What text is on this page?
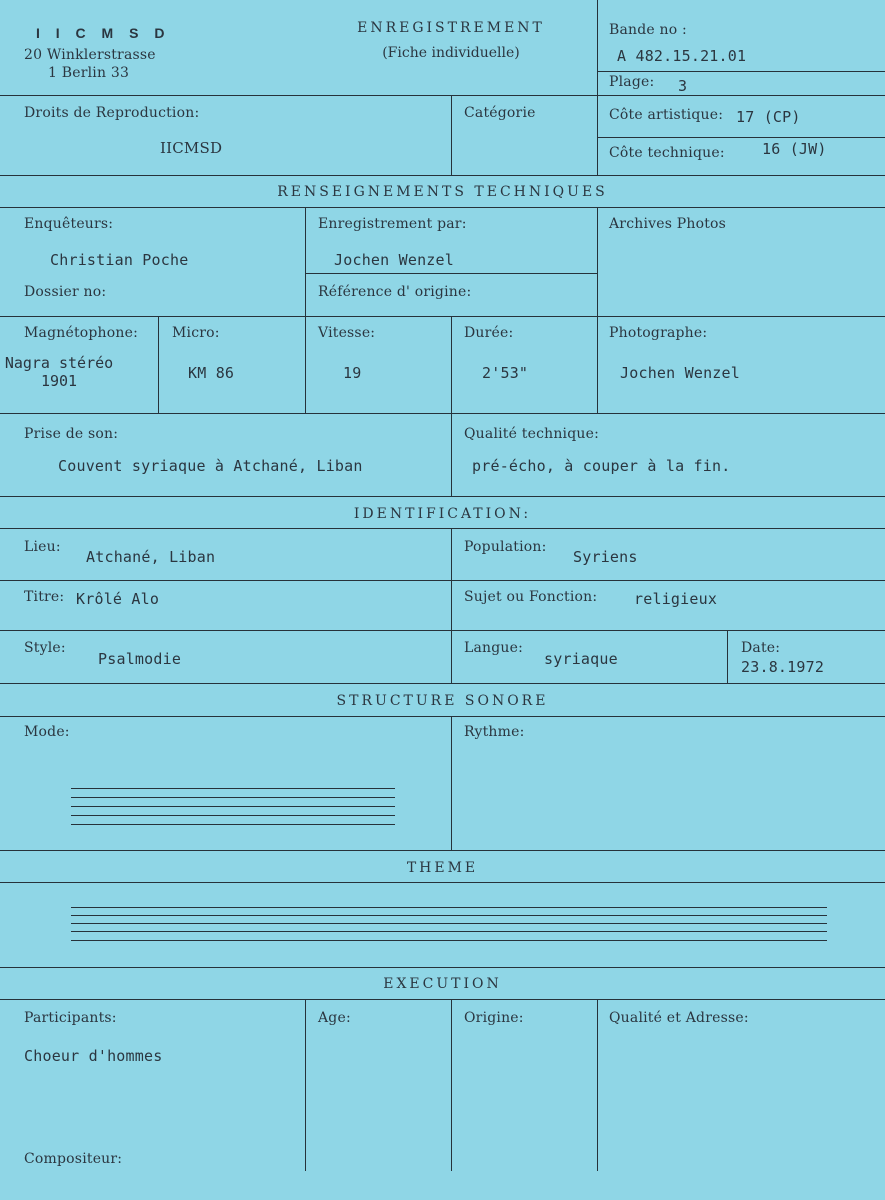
I I C M S D
20 Winklerstrasse
1 Berlin 33
ENREGISTREMENT
(Fiche individuelle)
Bande no :
A 482.15.21.01
Plage: 3
Droits de Reproduction:
IICMSD
Catégorie	Côte artistique: 17 (CP)
Côte technique: 16 (JW)
RENSEIGNEMENTS TECHNIQUES
Enquêteurs:
Christian Poche
Enregistrement par:
Jochen Wenzel
Archives Photos
Dossier no:	Référence d' origine:
Magnétophone:
Nagra stéréo
1901
Micro:
KM 86
Vitesse:
19
Durée:
2'53"
Photographe:
Jochen Wenzel
Prise de son:
Couvent syriaque à Atchané, Liban
Qualité technique:
pré-écho, à couper à la fin.
IDENTIFICATION:
Lieu:
Atchané, Liban
Population:
Syriens
Titre: Krôlé Alo	Sujet ou Fonction: religieux
Style:
Psalmodie
Langue:
syriaque
Date:
23.8.1972
STRUCTURE SONORE
Mode:	Rythme:
THEME
EXECUTION
Participants:
Choeur d'hommes
Age:	Origine:	Qualité et Adresse:
Compositeur:
